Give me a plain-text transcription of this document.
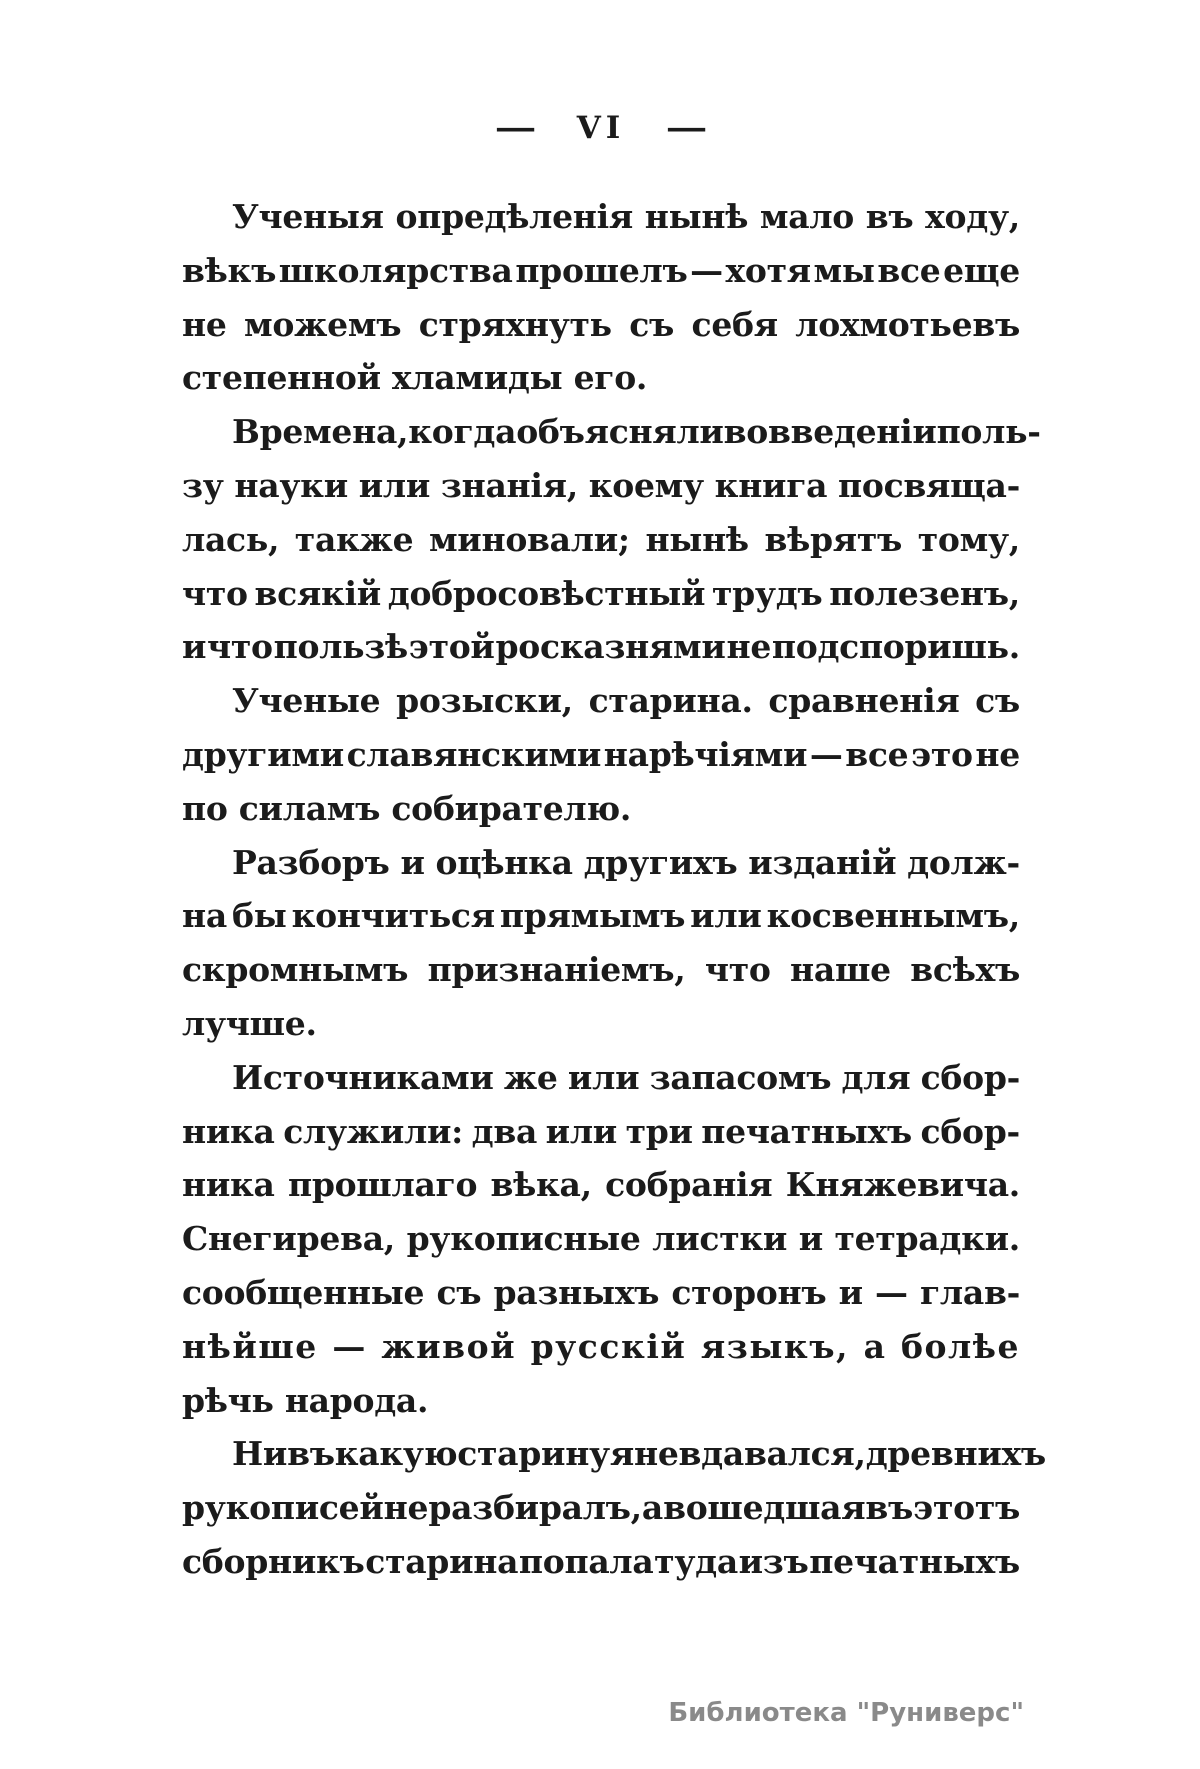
— VI —
Ученыя опредѣленія нынѣ мало въ ходу,
вѣкъ школярства прошелъ — хотя мы все еще
не можемъ стряхнуть съ себя лохмотьевъ
степенной хламиды его.
Времена, когда объясняли во введеніи поль-
зу науки или знанія, коему книга посвяща-
лась, также миновали; нынѣ вѣрятъ тому,
что всякій добросовѣстный трудъ полезенъ,
и что пользѣ этой росказнями не подспоришь.
Ученые розыски, старина. сравненія съ
другими славянскими нарѣчіями — все это не
по силамъ собирателю.
Разборъ и оцѣнка другихъ изданій долж-
на бы кончиться прямымъ или косвеннымъ,
скромнымъ признаніемъ, что наше всѣхъ
лучше.
Источниками же или запасомъ для сбор-
ника служили: два или три печатныхъ сбор-
ника прошлаго вѣка, собранія Княжевича.
Снегирева, рукописные листки и тетрадки.
сообщенные съ разныхъ сторонъ и — глав-
нѣйше — живой русскій языкъ, а болѣе
рѣчь народа.
Ни въ какую старину я не вдавался, древнихъ
рукописей не разбиралъ,а вошедшая въ этотъ
сборникъ старина попала туда изъ печатныхъ
Библиотека "Руниверс"
